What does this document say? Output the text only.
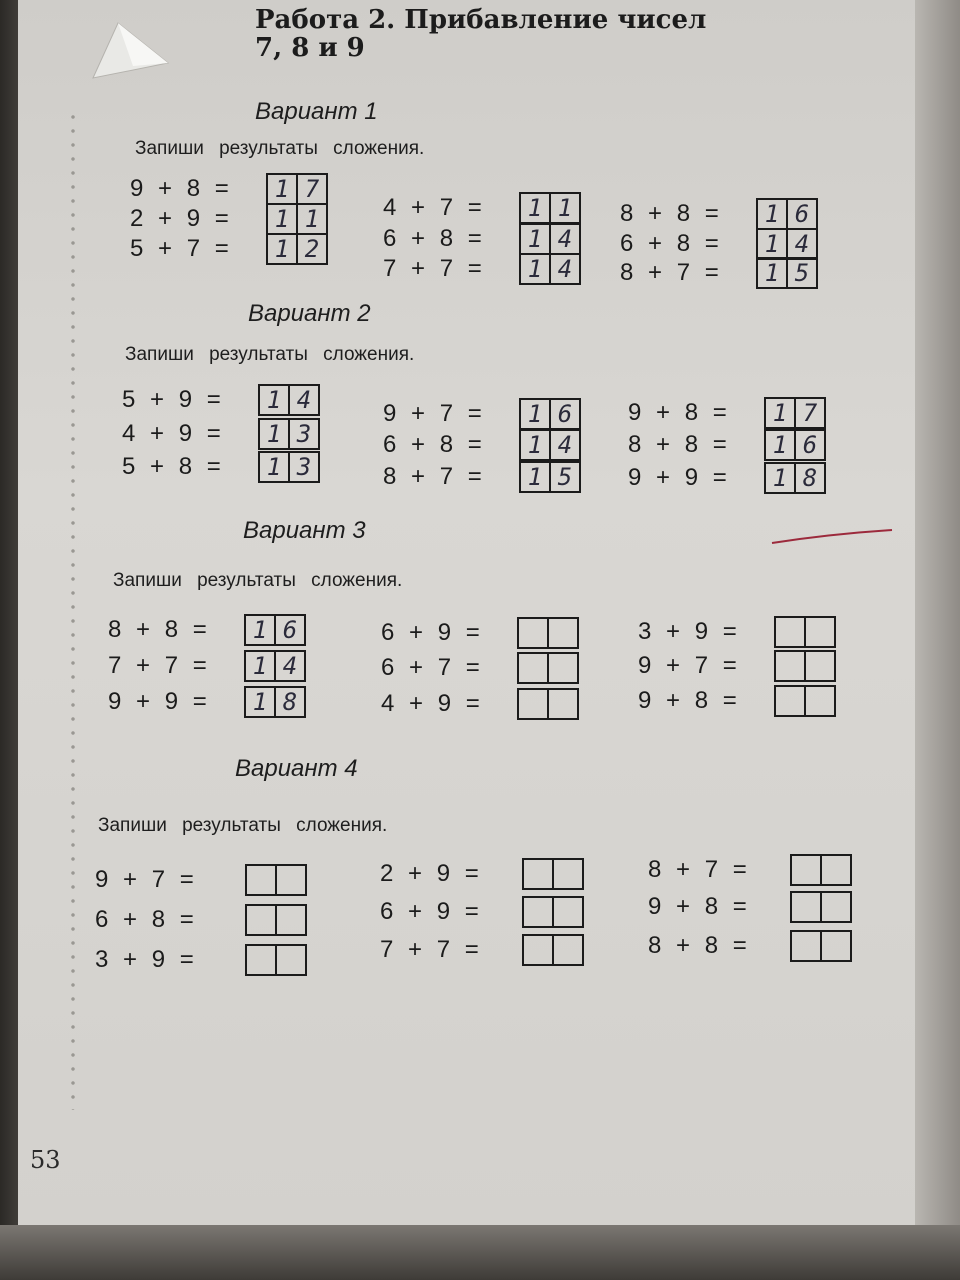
Работа 2. Прибавление чисел
7, 8 и 9
Вариант 1
Запиши результаты сложения.
9 + 8 =	1 7
2 + 9 =	1 1
5 + 7 =	1 2
4 + 7 =	1 1
6 + 8 =	1 4
7 + 7 =	1 4
8 + 8 =	1 6
6 + 8 =	1 4
8 + 7 =	1 5
Вариант 2
Запиши результаты сложения.
5 + 9 =	1 4
4 + 9 =	1 3
5 + 8 =	1 3
9 + 7 =	1 6
6 + 8 =	1 4
8 + 7 =	1 5
9 + 8 =	1 7
8 + 8 =	1 6
9 + 9 =	1 8
Вариант 3
Запиши результаты сложения.
8 + 8 =	1 6
7 + 7 =	1 4
9 + 9 =	1 8
6 + 9 =
6 + 7 =
4 + 9 =
3 + 9 =
9 + 7 =
9 + 8 =
Вариант 4
Запиши результаты сложения.
9 + 7 =
6 + 8 =
3 + 9 =
2 + 9 =
6 + 9 =
7 + 7 =
8 + 7 =
9 + 8 =
8 + 8 =
53
